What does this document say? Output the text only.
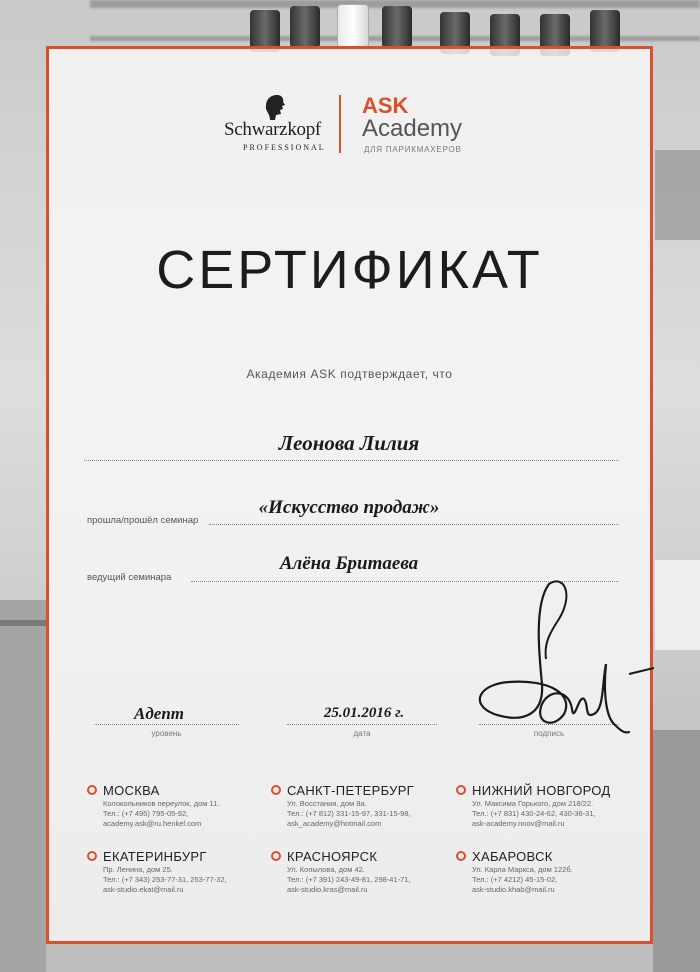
Schwarzkopf
PROFESSIONAL
ASK
Academy
ДЛЯ ПАРИКМАХЕРОВ
СЕРТИФИКАТ
Академия ASK подтверждает, что
Леонова Лилия
прошла/прошёл семинар
«Искусство продаж»
ведущий семинара
Алёна Бритаева
Адепт
уровень
25.01.2016 г.
дата	подпись
МОСКВА
Колокольников переулок, дом 11.
Тел.: (+7 495) 795-05-92,
academy.ask@ru.henkel.com
САНКТ-ПЕТЕРБУРГ
Ул. Восстания, дом 8а.
Тел.: (+7 812) 331-15-97, 331-15-98,
ask_academy@hotmail.com
НИЖНИЙ НОВГОРОД
Ул. Максима Горького, дом 218/22.
Тел.: (+7 831) 430-24-62, 430-36-31,
ask-academy.nnov@mail.ru
ЕКАТЕРИНБУРГ
Пр. Ленина, дом 25.
Тел.: (+7 343) 253-77-31, 253-77-32,
ask-studio.ekat@mail.ru
КРАСНОЯРСК
Ул. Копылова, дом 42.
Тел.: (+7 391) 243-49-81, 298-41-71,
ask-studio.kras@mail.ru
ХАБАРОВСК
Ул. Карла Маркса, дом 122б.
Тел.: (+7 4212) 45-15-02,
ask-studio.khab@mail.ru
